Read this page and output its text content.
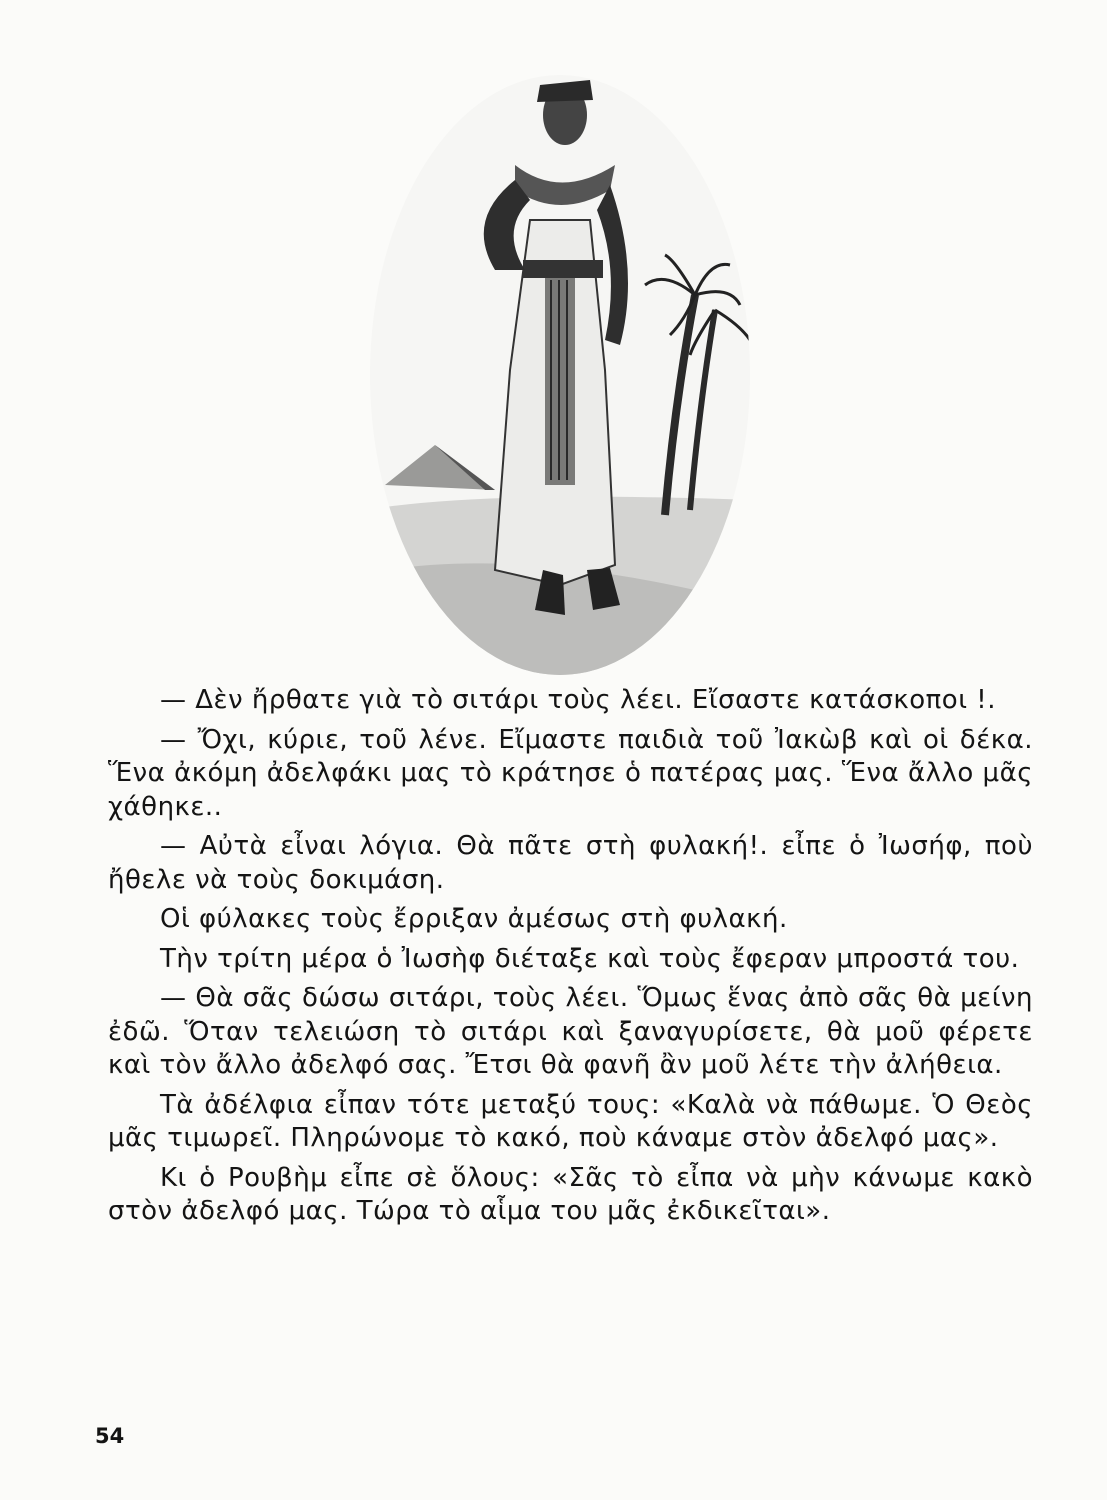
— Δὲν ἤρθατε γιὰ τὸ σιτάρι τοὺς λέει. Εἴσαστε κατάσκοποι !.

— Ὄχι, κύριε, τοῦ λένε. Εἴμαστε παιδιὰ τοῦ Ἰακὼβ καὶ οἱ δέκα. Ἕνα ἀκόμη ἀδελφάκι μας τὸ κράτησε ὁ πατέρας μας. Ἕνα ἄλλο μᾶς χάθηκε..

— Αὐτὰ εἶναι λόγια. Θὰ πᾶτε στὴ φυλακή!. εἶπε ὁ Ἰωσήφ, ποὺ ἤθελε νὰ τοὺς δοκιμάση.

Οἱ φύλακες τοὺς ἔρριξαν ἀμέσως στὴ φυλακή.

Τὴν τρίτη μέρα ὁ Ἰωσὴφ διέταξε καὶ τοὺς ἔφεραν μπροστά του.

— Θὰ σᾶς δώσω σιτάρι, τοὺς λέει. Ὅμως ἕνας ἀπὸ σᾶς θὰ μείνη ἐδῶ. Ὅταν τελειώση τὸ σιτάρι καὶ ξαναγυρίσετε, θὰ μοῦ φέρετε καὶ τὸν ἄλλο ἀδελφό σας. Ἔτσι θὰ φανῆ ἂν μοῦ λέτε τὴν ἀλήθεια.

Τὰ ἀδέλφια εἶπαν τότε μεταξύ τους: «Καλὰ νὰ πάθωμε. Ὁ Θεὸς μᾶς τιμωρεῖ. Πληρώνομε τὸ κακό, ποὺ κάναμε στὸν ἀδελφό μας».

Κι ὁ Ρουβὴμ εἶπε σὲ ὅλους: «Σᾶς τὸ εἶπα νὰ μὴν κάνωμε κακὸ στὸν ἀδελφό μας. Τώρα τὸ αἷμα του μᾶς ἐκδικεῖται».

54
